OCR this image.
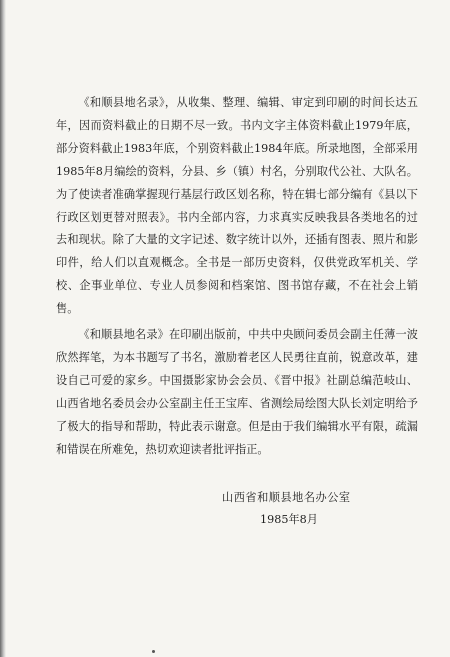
《和顺县地名录》，从收集、整理、编辑、审定到印刷的时间长达五年，因而资料截止的日期不尽一致。书内文字主体资料截止1979年底，部分资料截止1983年底，个别资料截止1984年底。所录地图，全部采用1985年8月编绘的资料，分县、乡（镇）村名，分别取代公社、大队名。为了使读者准确掌握现行基层行政区划名称，特在辑七部分编有《县以下行政区划更替对照表》。书内全部内容，力求真实反映我县各类地名的过去和现状。除了大量的文字记述、数字统计以外，还插有图表、照片和影印件，给人们以直观概念。全书是一部历史资料，仅供党政军机关、学校、企事业单位、专业人员参阅和档案馆、图书馆存藏，不在社会上销售。

《和顺县地名录》在印刷出版前，中共中央顾问委员会副主任薄一波欣然挥笔，为本书题写了书名，激励着老区人民勇往直前，锐意改革，建设自己可爱的家乡。中国摄影家协会会员、《晋中报》社副总编范岐山、山西省地名委员会办公室副主任王宝库、省测绘局绘图大队长刘定明给予了极大的指导和帮助，特此表示谢意。但是由于我们编辑水平有限，疏漏和错误在所难免，热切欢迎读者批评指正。

山西省和顺县地名办公室
1985年8月
